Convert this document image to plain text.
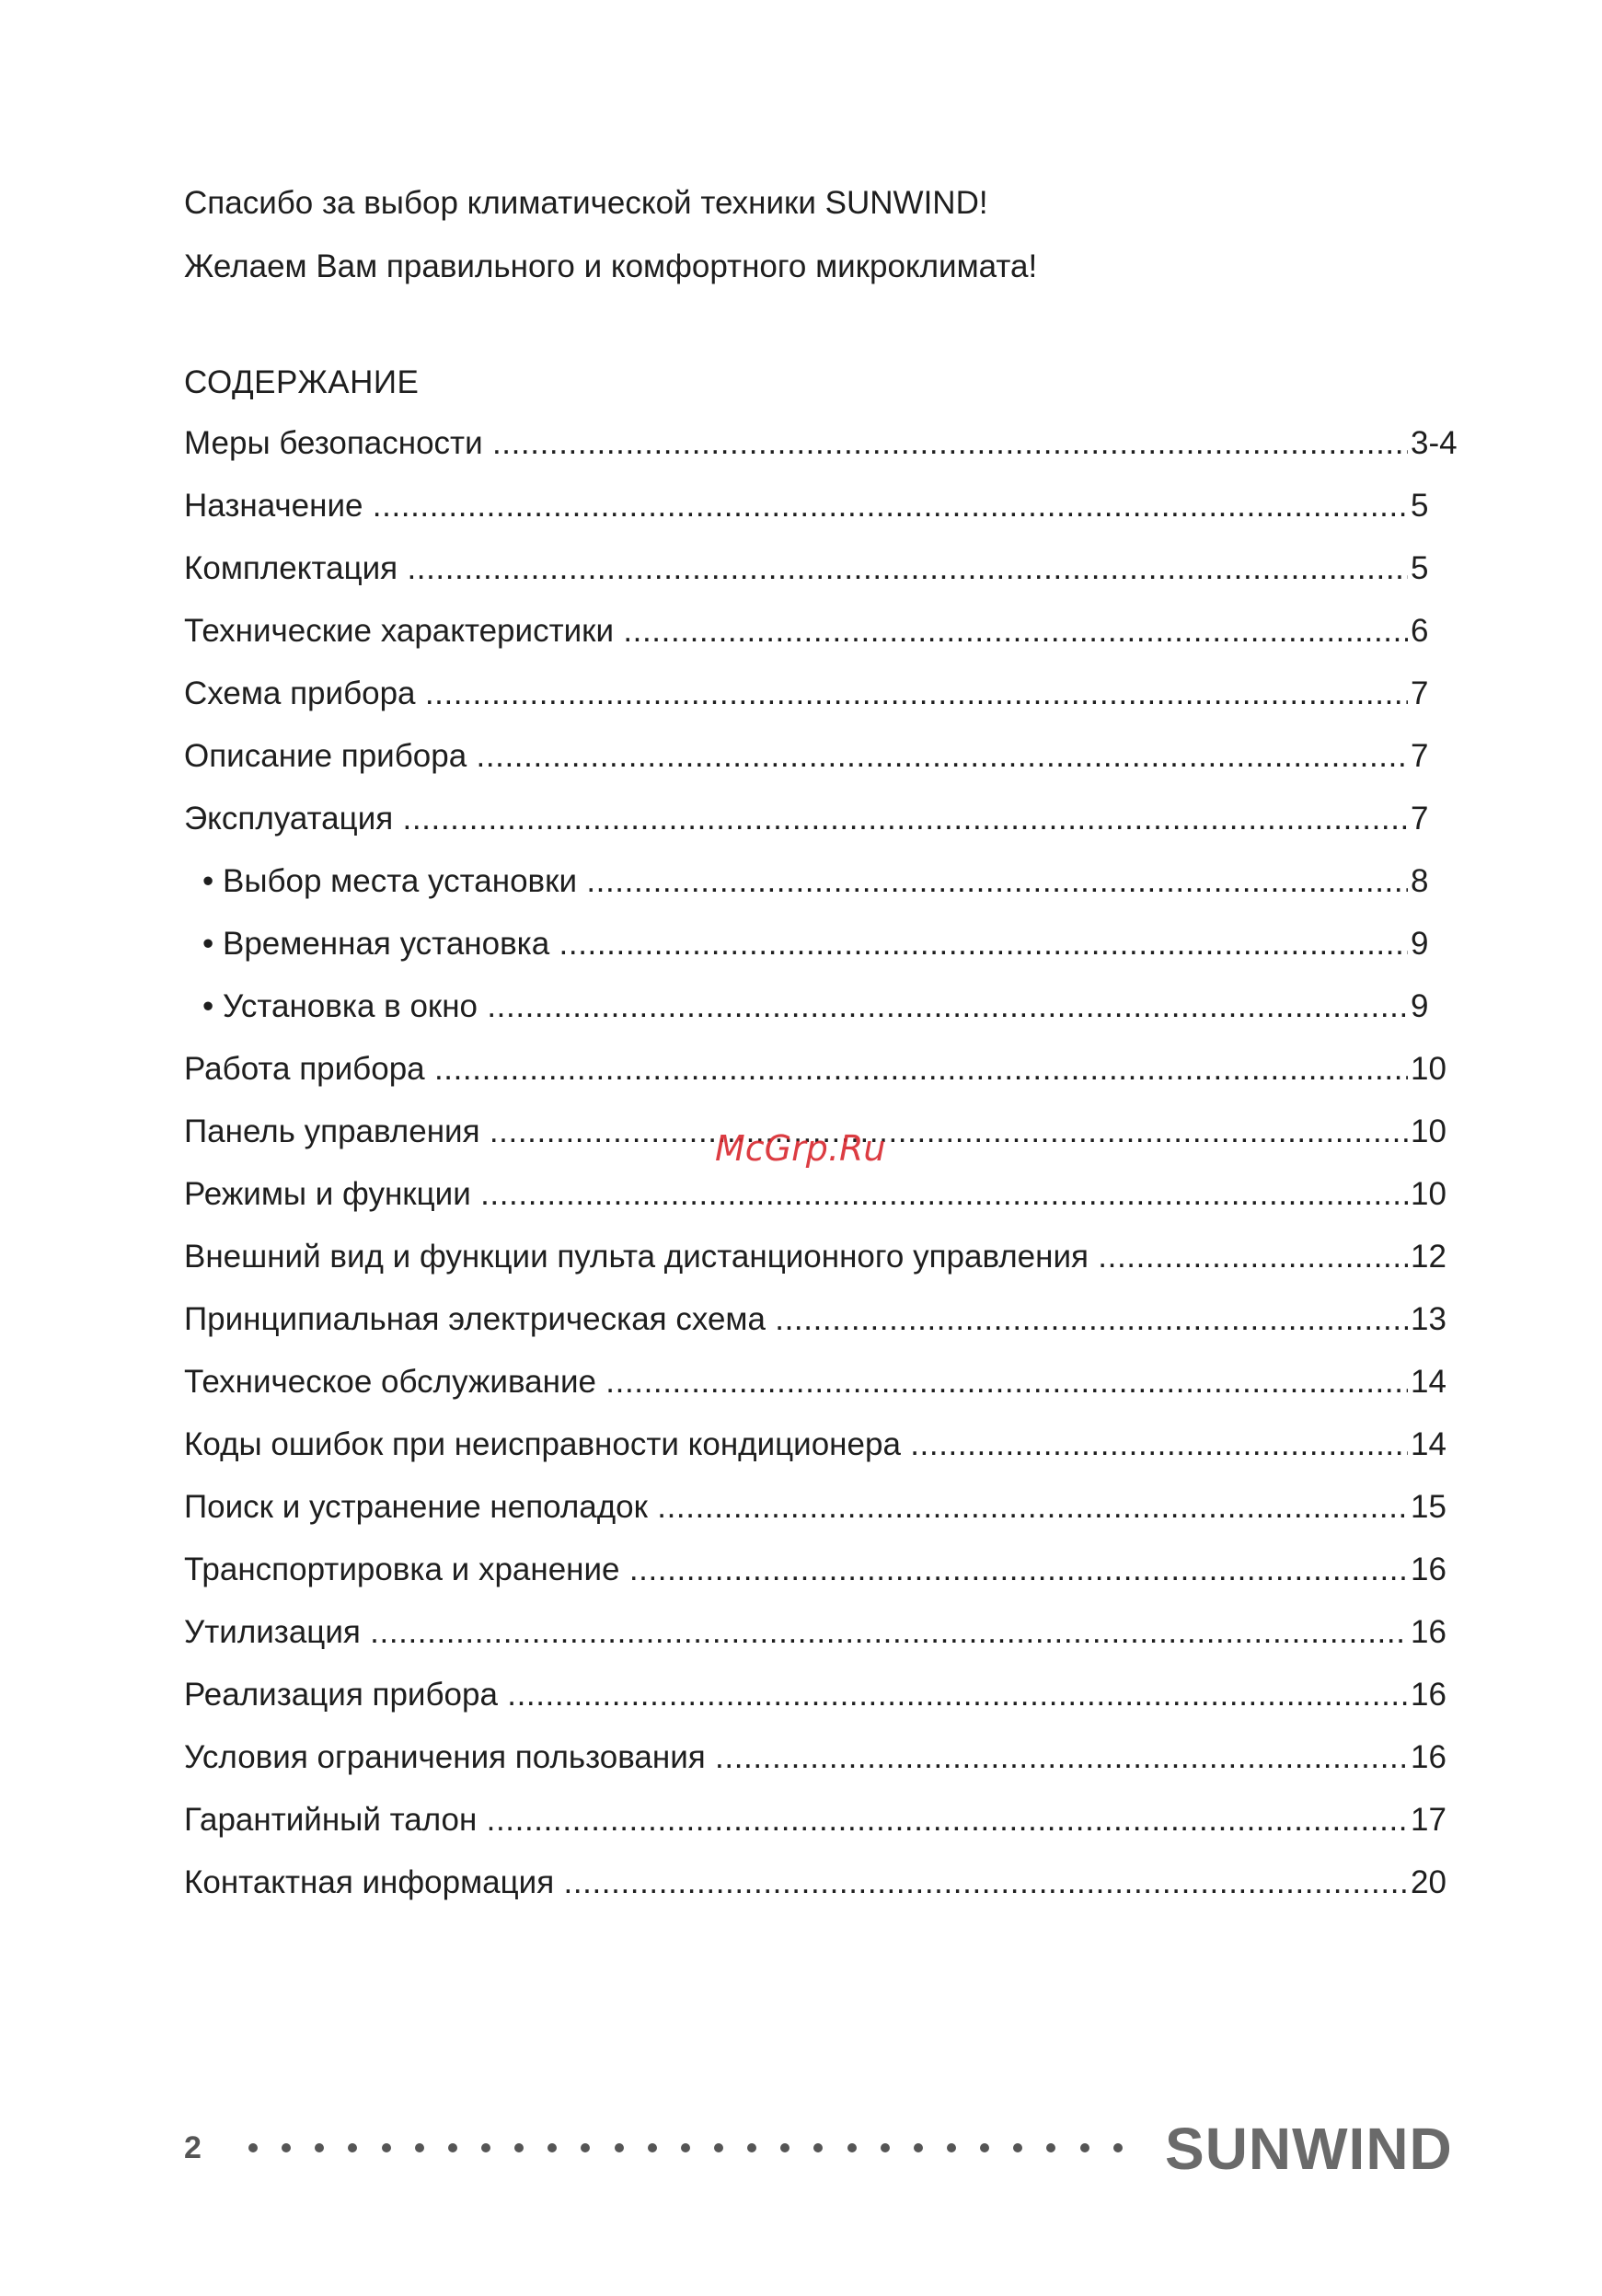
Спасибо за выбор климатической техники SUNWIND!
Желаем Вам правильного и комфортного микроклимата!
СОДЕРЖАНИЕ
Меры безопасности .....	3-4
Назначение .....	5
Комплектация .....	5
Технические характеристики .....	6
Схема прибора .....	7
Описание прибора .....	7
Эксплуатация .....	7
• Выбор места установки .....	8
• Временная установка .....	9
• Установка в окно .....	9
Работа прибора .....	10
Панель управления .....	10
Режимы и функции .....	10
Внешний вид и функции пульта дистанционного управления .....	12
Принципиальная электрическая схема .....	13
Техническое обслуживание .....	14
Коды ошибок при неисправности кондиционера .....	14
Поиск и устранение неполадок .....	15
Транспортировка и хранение .....	16
Утилизация .....	16
Реализация прибора .....	16
Условия ограничения пользования .....	16
Гарантийный талон .....	17
Контактная информация .....	20
McGrp.Ru
2	SUNWIND
